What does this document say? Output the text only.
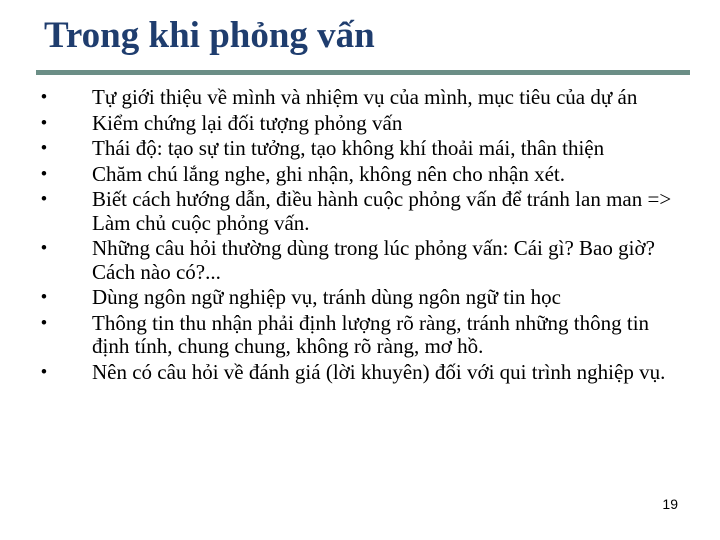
Trong khi phỏng vấn
•	Tự giới thiệu về mình và nhiệm vụ của mình, mục tiêu của dự án
•	Kiểm chứng lại đối tượng phỏng vấn
•	Thái độ: tạo sự tin tưởng, tạo không khí thoải mái, thân thiện
•	Chăm chú lắng nghe, ghi nhận, không nên cho nhận xét.
•	Biết cách hướng dẫn, điều hành cuộc phỏng vấn để tránh lan man => Làm chủ cuộc phỏng vấn.
•	Những câu hỏi thường dùng trong lúc phỏng vấn: Cái gì? Bao giờ? Cách nào có?...
•	Dùng ngôn ngữ nghiệp vụ, tránh dùng ngôn ngữ tin học
•	Thông tin thu nhận phải định lượng rõ ràng, tránh những thông tin định tính, chung chung, không rõ ràng, mơ hồ.
•	Nên có câu hỏi về đánh giá (lời khuyên) đối với qui trình nghiệp vụ.
19
